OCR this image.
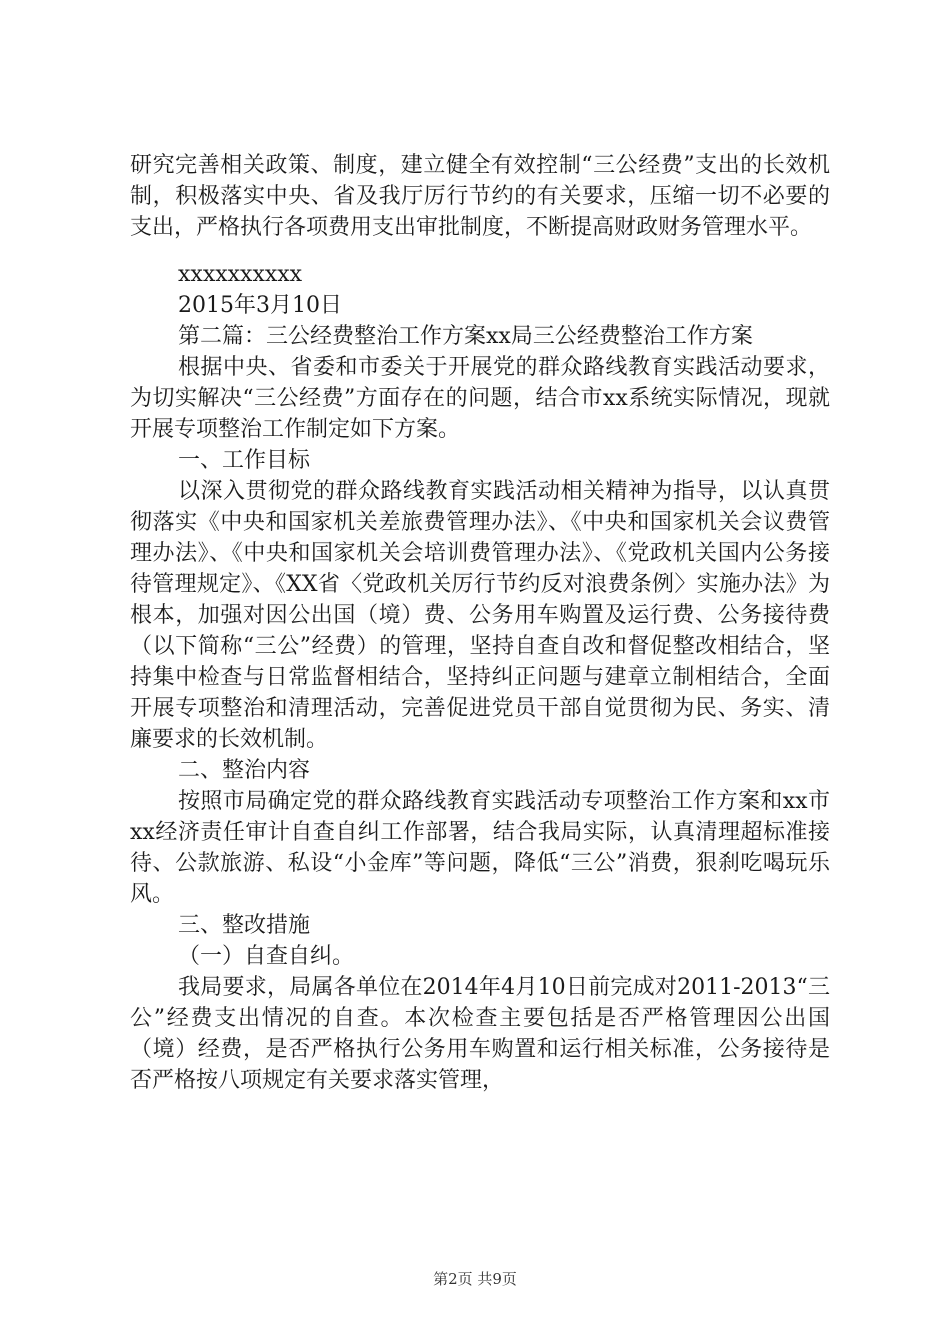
研究完善相关政策、制度，建立健全有效控制“三公经费”支出的长效机制，积极落实中央、省及我厅厉行节约的有关要求，压缩一切不必要的支出，严格执行各项费用支出审批制度，不断提高财政财务管理水平。

xxxxxxxxxx

2015年3月10日

第二篇：三公经费整治工作方案xx局三公经费整治工作方案

根据中央、省委和市委关于开展党的群众路线教育实践活动要求，为切实解决“三公经费”方面存在的问题，结合市xx系统实际情况，现就开展专项整治工作制定如下方案。

一、工作目标

以深入贯彻党的群众路线教育实践活动相关精神为指导，以认真贯彻落实《中央和国家机关差旅费管理办法》、《中央和国家机关会议费管理办法》、《中央和国家机关会培训费管理办法》、《党政机关国内公务接待管理规定》、《XX省〈党政机关厉行节约反对浪费条例〉实施办法》为根本，加强对因公出国（境）费、公务用车购置及运行费、公务接待费（以下简称“三公”经费）的管理，坚持自查自改和督促整改相结合，坚持集中检查与日常监督相结合，坚持纠正问题与建章立制相结合，全面开展专项整治和清理活动，完善促进党员干部自觉贯彻为民、务实、清廉要求的长效机制。

二、整治内容

按照市局确定党的群众路线教育实践活动专项整治工作方案和xx市xx经济责任审计自查自纠工作部署，结合我局实际，认真清理超标准接待、公款旅游、私设“小金库”等问题，降低“三公”消费，狠刹吃喝玩乐风。

三、整改措施

（一）自查自纠。

我局要求，局属各单位在2014年4月10日前完成对2011-2013“三公”经费支出情况的自查。本次检查主要包括是否严格管理因公出国（境）经费，是否严格执行公务用车购置和运行相关标准，公务接待是否严格按八项规定有关要求落实管理，

第2页 共9页
